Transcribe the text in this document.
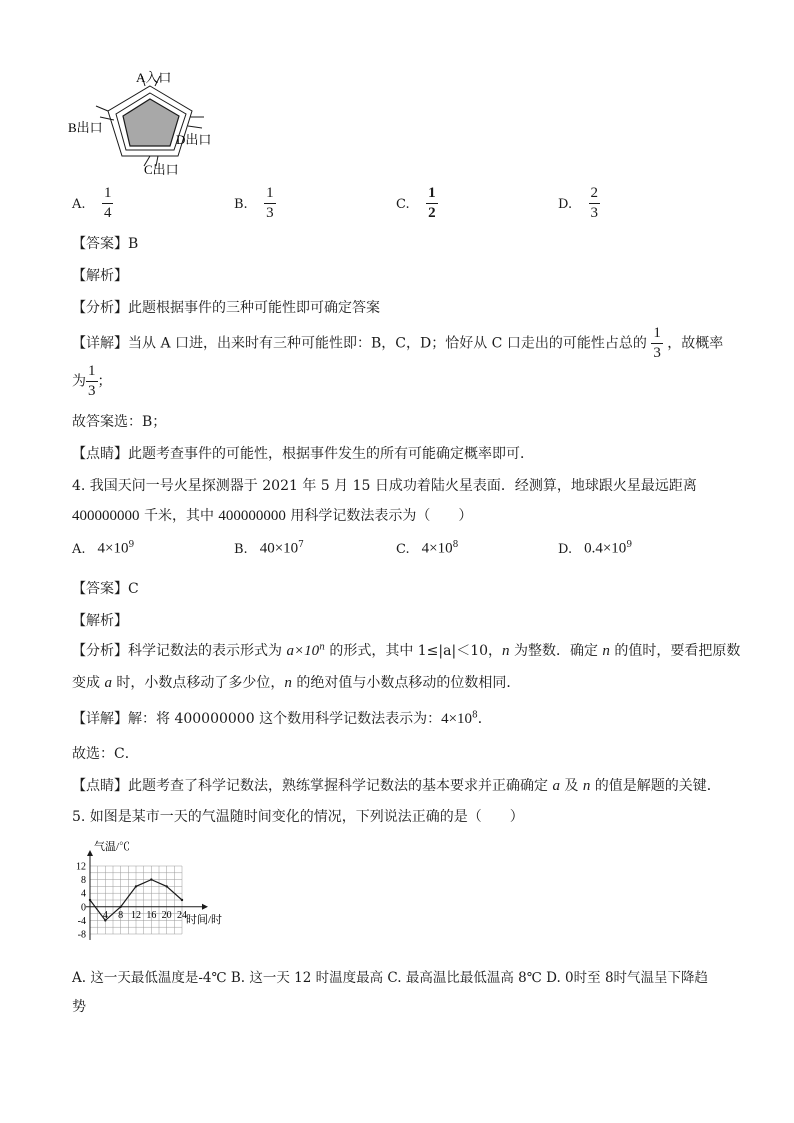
A入口
B出口
D出口
C出口
A. $\frac{1}{4}$	B. $\frac{1}{3}$	C. $\frac{1}{2}$	D. $\frac{2}{3}$
【答案】B
【解析】
【分析】此题根据事件的三种可能性即可确定答案
【详解】当从 A 口进，出来时有三种可能性即：B，C，D；恰好从 C 口走出的可能性占总的 $\frac{1}{3}$ ，故概率
为 $\frac{1}{3}$ ；
故答案选：B；
【点睛】此题考查事件的可能性，根据事件发生的所有可能确定概率即可．
4. 我国天问一号火星探测器于 2021 年 5 月 15 日成功着陆火星表面．经测算，地球跟火星最远距离
400000000 千米，其中 400000000 用科学记数法表示为（　　）
A. $4\times 10^9$	B. $40\times 10^7$	C. $4\times 10^8$	D. $0.4\times 10^9$
【答案】C
【解析】
【分析】科学记数法的表示形式为 $a\times 10^n$ 的形式，其中 1≤|a|＜10，n 为整数．确定 n 的值时，要看把原数
变成 a 时，小数点移动了多少位，n 的绝对值与小数点移动的位数相同．
【详解】解：将 400000000 这个数用科学记数法表示为：$4\times 10^8$．
故选：C．
【点睛】此题考查了科学记数法，熟练掌握科学记数法的基本要求并正确确定 a 及 n 的值是解题的关键．
5. 如图是某市一天的气温随时间变化的情况，下列说法正确的是（　　）
12
8
4
0
-4
-8
4 8 12 16 20 24
气温/℃
时间/时
A. 这一天最低温度是-4℃ B. 这一天 12 时温度最高 C. 最高温比最低温高 8℃ D. 0时至 8时气温呈下降趋
势
